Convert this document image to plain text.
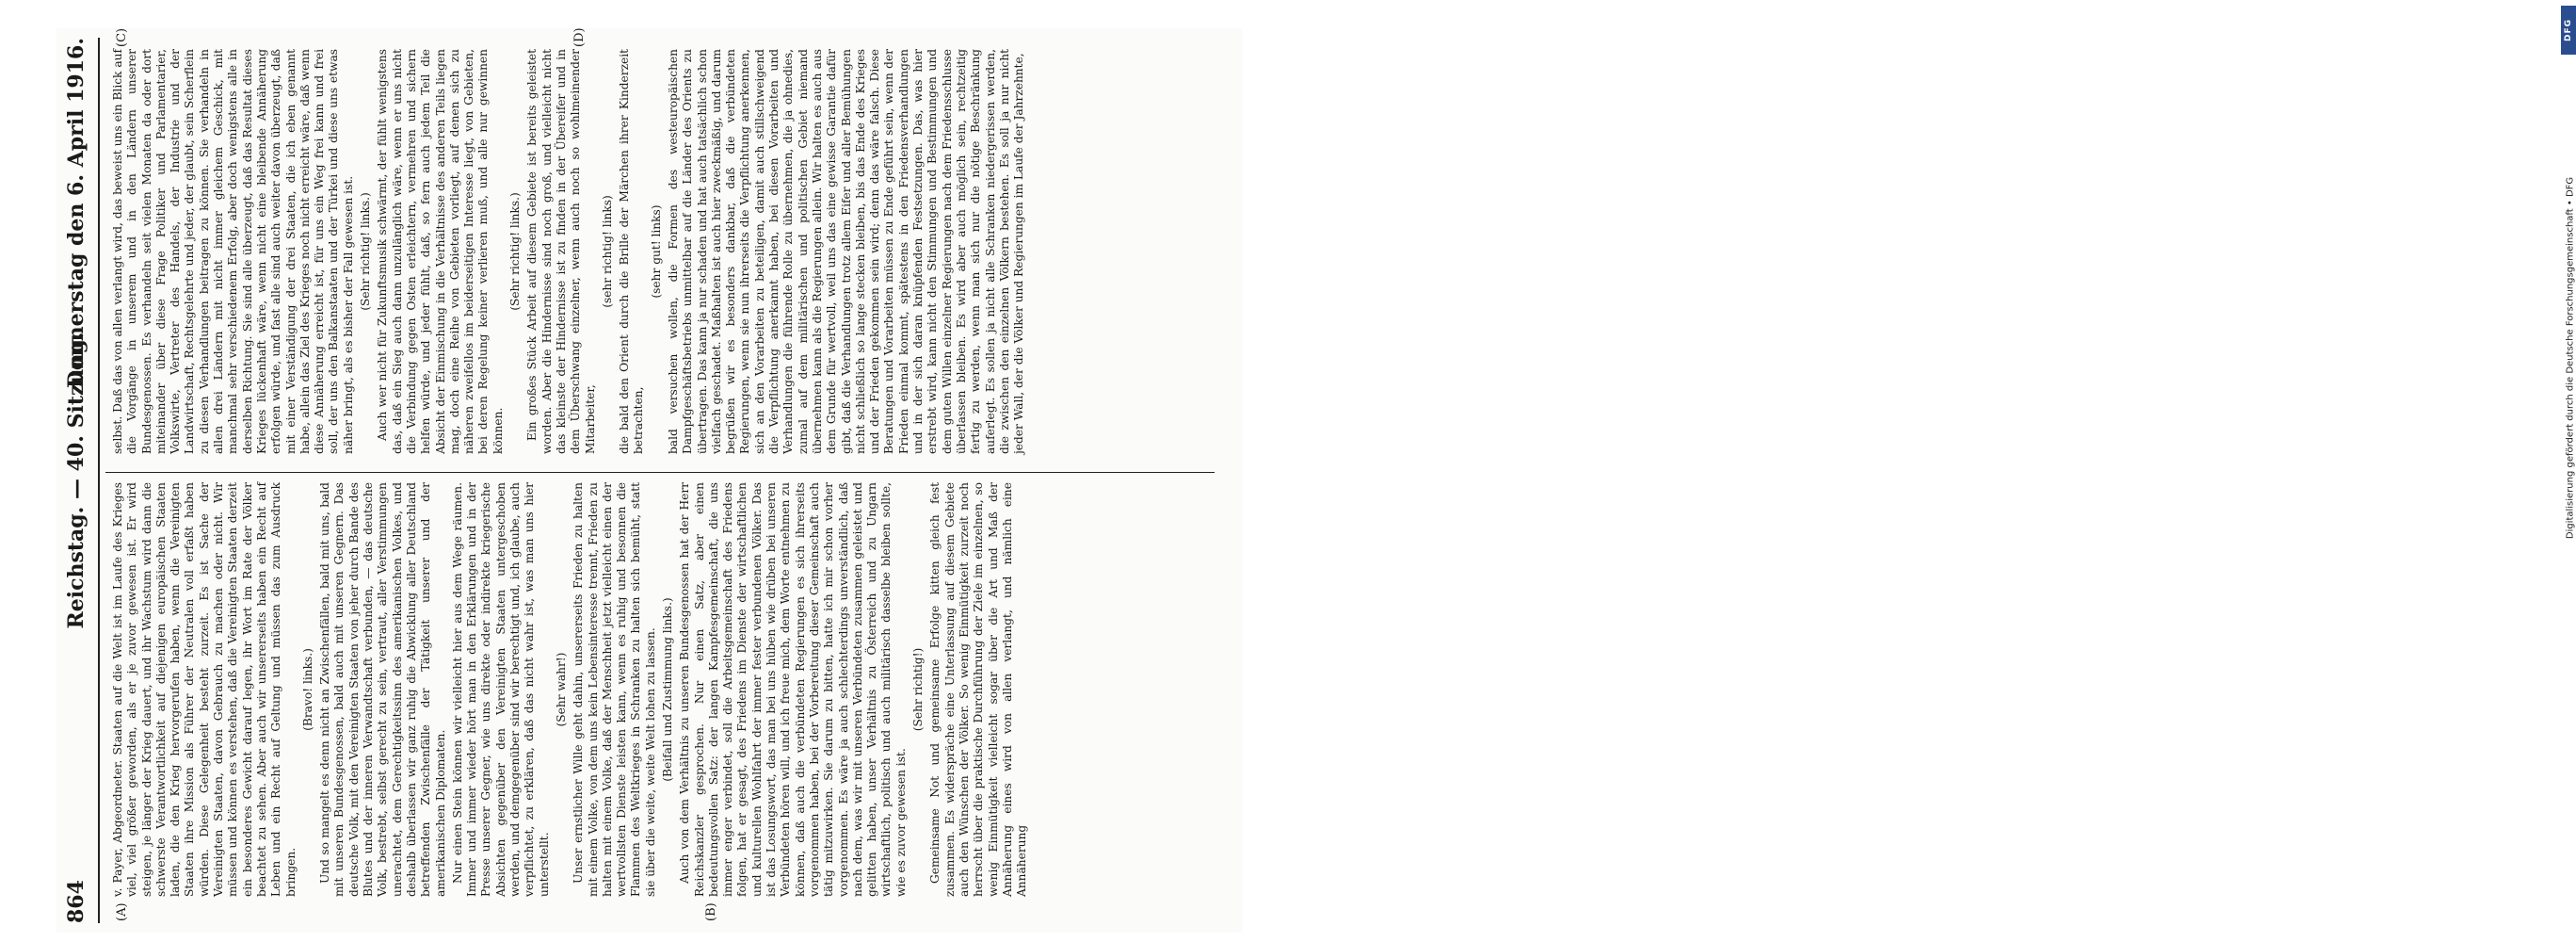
864
Reichstag. — 40. Sitzung.
Donnerstag den 6. April 1916.
(A)	(B)
(C)	(D)

v. Payer, Abgeordneter. Staaten auf die Welt ist im Laufe des Krieges viel, viel größer geworden, als er je zuvor gewesen ist. Er wird steigen, je länger der Krieg dauert, und ihr Wachstum wird dann die schwerste Verantwortlichkeit auf diejenigen europäischen Staaten laden, die den Krieg hervorgerufen haben, wenn die Vereinigten Staaten ihre Mission als Führer der Neutralen voll erfaßt haben würden. Diese Gelegenheit besteht zurzeit. Es ist Sache der Vereinigten Staaten, davon Gebrauch zu machen oder nicht. Wir müssen und können es verstehen, daß die Vereinigten Staaten derzeit ein besonderes Gewicht darauf legen, ihr Wort im Rate der Völker beachtet zu sehen. Aber auch wir unsererseits haben ein Recht auf Leben und ein Recht auf Geltung und müssen das zum Ausdruck bringen.

(Bravo! links.) Und so mangelt es denn nicht an Zwischenfällen, bald mit uns, bald mit unseren Bundesgenossen, bald auch mit unseren Gegnern. Das deutsche Volk, mit den Vereinigten Staaten von jeher durch Bande des Blutes und der inneren Verwandtschaft verbunden, — das deutsche Volk, bestrebt, selbst gerecht zu sein, vertraut, aller Verstimmungen unerachtet, dem Gerechtigkeitssinn des amerikanischen Volkes, und deshalb überlassen wir ganz ruhig die Abwicklung aller Deutschland betreffenden Zwischenfälle der Tätigkeit unserer und der amerikanischen Diplomaten. Nur einen Stein können wir vielleicht hier aus dem Wege räumen. Immer und immer wieder hört man in den Erklärungen und in der Presse unserer Gegner, wie uns direkte oder indirekte kriegerische Absichten gegenüber den Vereinigten Staaten untergeschoben werden, und demgegenüber sind wir berechtigt und, ich glaube, auch verpflichtet, zu erklären, daß das nicht wahr ist, was man uns hier unterstellt.

(Sehr wahr!) Unser ernstlicher Wille geht dahin, unsererseits Frieden zu halten mit einem Volke, von dem uns kein Lebensinteresse trennt, Frieden zu halten mit einem Volke, daß der Menschheit jetzt vielleicht einen der wertvollsten Dienste leisten kann, wenn es ruhig und besonnen die Flammen des Weltkrieges in Schranken zu halten sich bemüht, statt sie über die weite, weite Welt lohen zu lassen. (Beifall und Zustimmung links.) Auch von dem Verhältnis zu unseren Bundesgenossen hat der Herr Reichskanzler gesprochen. Nur einen Satz, aber einen bedeutungsvollen Satz: der langen Kampfesgemeinschaft, die uns immer enger verbindet, soll die Arbeitsgemeinschaft des Friedens folgen, hat er gesagt, des Friedens im Dienste der wirtschaftlichen und kulturellen Wohlfahrt der immer fester verbundenen Völker. Das ist das Losungswort, das man bei uns hüben wie drüben bei unseren Verbündeten hören will, und ich freue mich, dem Worte entnehmen zu können, daß auch die verbündeten Regierungen es sich ihrerseits vorgenommen haben, bei der Vorbereitung dieser Gemeinschaft auch tätig mitzuwirken. Sie darum zu bitten, hatte ich mir schon vorher vorgenommen. Es wäre ja auch schlechterdings unverständlich, daß nach dem, was wir mit unseren Verbündeten zusammen geleistet und gelitten haben, unser Verhältnis zu Österreich und zu Ungarn wirtschaftlich, politisch und auch militärisch dasselbe bleiben sollte, wie es zuvor gewesen ist.

(Sehr richtig!) Gemeinsame Not und gemeinsame Erfolge kitten gleich fest zusammen. Es widerspräche eine Unterlassung auf diesem Gebiete auch den Wünschen der Völker. So wenig Einmütigkeit zurzeit noch herrscht über die praktische Durchführung der Ziele im einzelnen, so wenig Einmütigkeit vielleicht sogar über die Art und Maß der Annäherung eines wird von allen verlangt, und nämlich eine Annäherung

selbst. Daß das von allen verlangt wird, das beweist uns ein Blick auf die Vorgänge in unserem und in den Ländern unserer Bundesgenossen. Es verhandeln seit vielen Monaten da oder dort miteinander über diese Frage Politiker und Parlamentarier, Volkswirte, Vertreter des Handels, der Industrie und der Landwirtschaft, Rechtsgelehrte und jeder, der glaubt, sein Scherflein zu diesen Verhandlungen beitragen zu können. Sie verhandeln in allen drei Ländern mit nicht immer gleichem Geschick, mit manchmal sehr verschiedenem Erfolg, aber doch wenigstens alle in derselben Richtung. Sie sind alle überzeugt, daß das Resultat dieses Krieges lückenhaft wäre, wenn nicht eine bleibende Annäherung erfolgen würde, und fast alle sind auch weiter davon überzeugt, daß mit einer Verständigung der drei Staaten, die ich eben genannt habe, allein das Ziel des Krieges noch nicht erreicht wäre, daß wenn diese Annäherung erreicht ist, für uns ein Weg frei kann und frei soll, der uns den Balkanstaaten und der Türkei und diese uns etwas näher bringt, als es bisher der Fall gewesen ist. (Sehr richtig! links.) Auch wer nicht für Zukunftsmusik schwärmt, der fühlt wenigstens das, daß ein Sieg auch dann unzulänglich wäre, wenn er uns nicht die Verbindung gegen Osten erleichtern, vermehren und sichern helfen würde, und jeder fühlt, daß, so fern auch jedem Teil die Absicht der Einmischung in die Verhältnisse des anderen Teils liegen mag, doch eine Reihe von Gebieten vorliegt, auf denen sich zu näheren zweifellos im beiderseitigen Interesse liegt, von Gebieten, bei deren Regelung keiner verlieren muß, und alle nur gewinnen können.

(Sehr richtig! links.) Ein großes Stück Arbeit auf diesem Gebiete ist bereits geleistet worden. Aber die Hindernisse sind noch groß, und vielleicht nicht das kleinste der Hindernisse ist zu finden in der Übereifer und in dem Überschwang einzelner, wenn auch noch so wohlmeinender Mitarbeiter,

(sehr richtig! links) die bald den Orient durch die Brille der Märchen ihrer Kinderzeit betrachten,

(sehr gut! links) bald versuchen wollen, die Formen des westeuropäischen Dampfgeschäftsbetriebs unmittelbar auf die Länder des Orients zu übertragen. Das kann ja nur schaden und hat auch tatsächlich schon vielfach geschadet. Maßhalten ist auch hier zweckmäßig, und darum begrüßen wir es besonders dankbar, daß die verbündeten Regierungen, wenn sie nun ihrerseits die Verpflichtung anerkennen, sich an den Vorarbeiten zu beteiligen, damit auch stillschweigend die Verpflichtung anerkannt haben, bei diesen Vorarbeiten und Verhandlungen die führende Rolle zu übernehmen, die ja ohnedies, zumal auf dem militärischen und politischen Gebiet niemand übernehmen kann als die Regierungen allein. Wir halten es auch aus dem Grunde für wertvoll, weil uns das eine gewisse Garantie dafür gibt, daß die Verhandlungen trotz allem Eifer und aller Bemühungen nicht schließlich so lange stecken bleiben, bis das Ende des Krieges und der Frieden gekommen sein wird; denn das wäre falsch. Diese Beratungen und Vorarbeiten müssen zu Ende geführt sein, wenn der Frieden einmal kommt, spätestens in den Friedensverhandlungen und in der sich daran knüpfenden Festsetzungen. Das, was hier erstrebt wird, kann nicht den Stimmungen und Bestimmungen und dem guten Willen einzelner Regierungen nach dem Friedensschlusse überlassen bleiben. Es wird aber auch möglich sein, rechtzeitig fertig zu werden, wenn man sich nur die nötige Beschränkung auferlegt. Es sollen ja nicht alle Schranken niedergerissen werden, die zwischen den einzelnen Völkern bestehen. Es soll ja nur nicht jeder Wall, der die Völker und Regierungen im Laufe der Jahrzehnte,

DFG
Digitalisierung gefördert durch die Deutsche Forschungsgemeinschaft • DFG
